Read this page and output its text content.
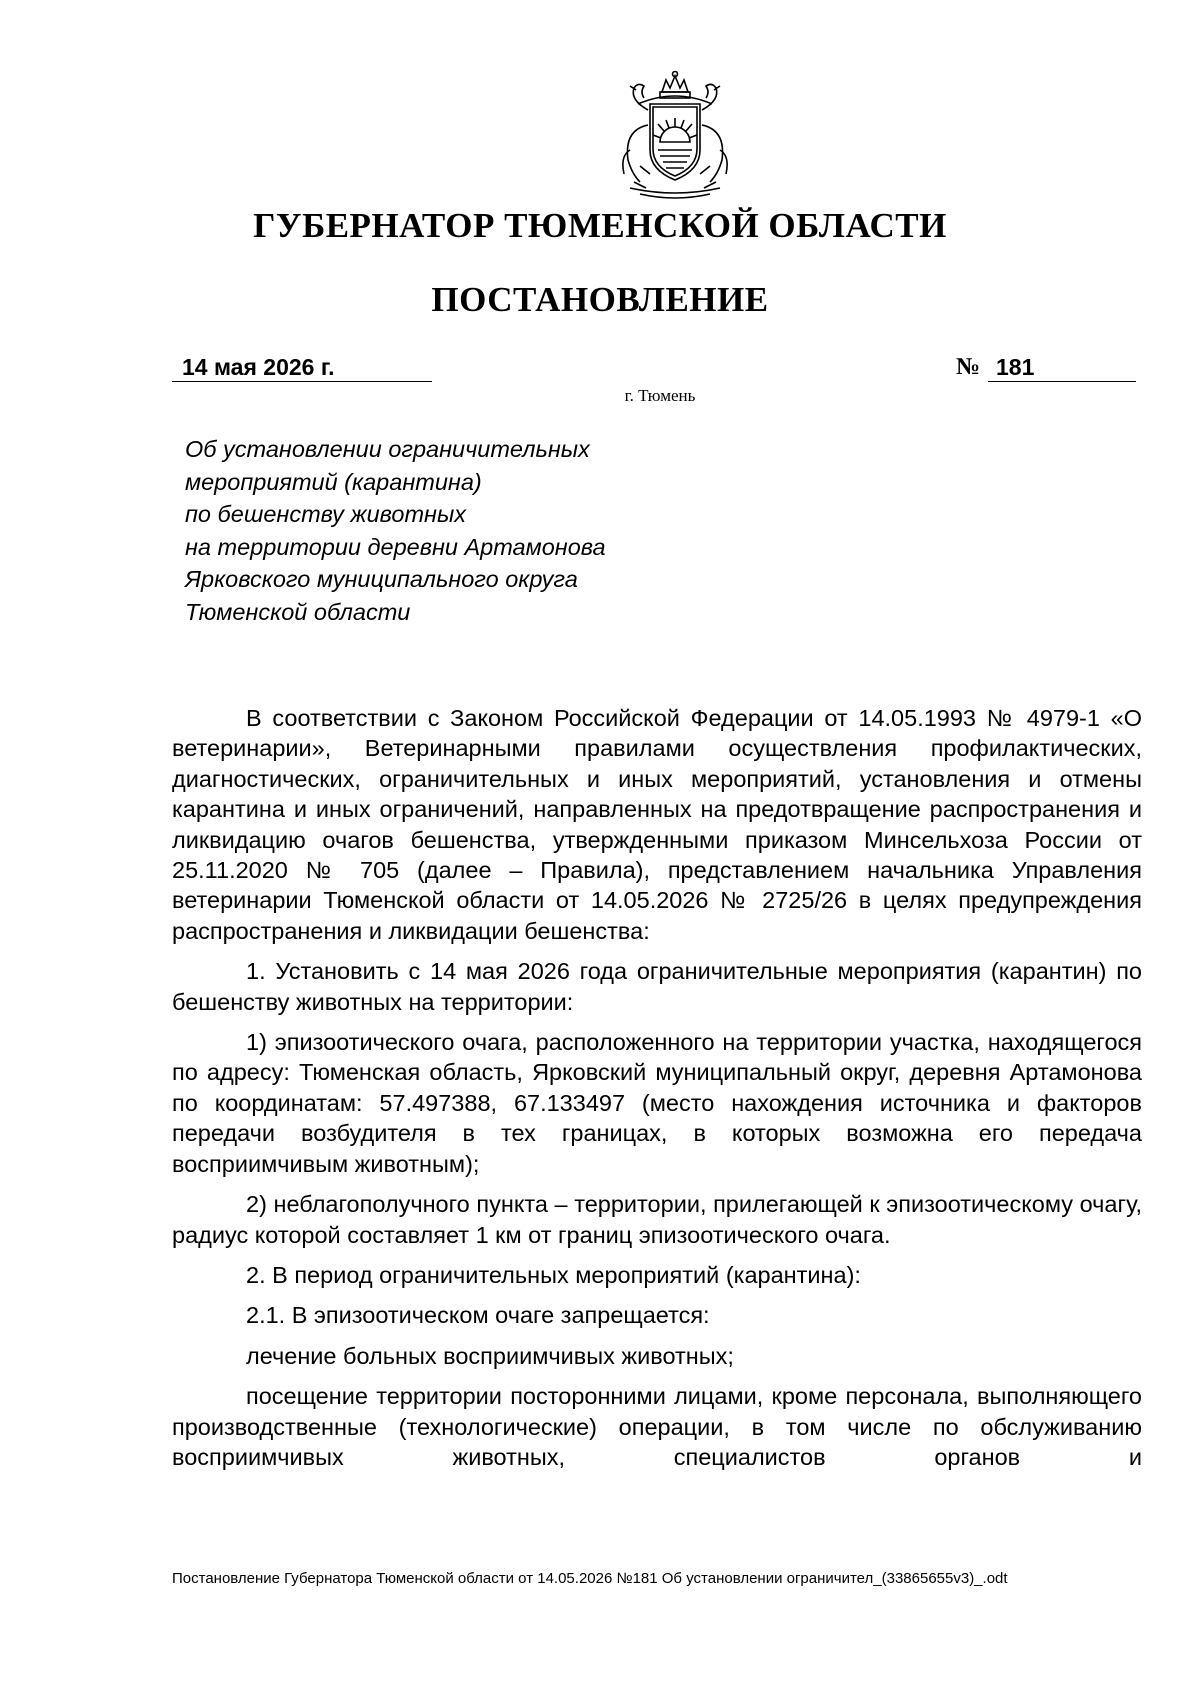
ГУБЕРНАТОР ТЮМЕНСКОЙ ОБЛАСТИ
ПОСТАНОВЛЕНИЕ
14 мая 2026 г.	№ 181
г. Тюмень
Об установлении ограничительных
мероприятий (карантина)
по бешенству животных
на территории деревни Артамонова
Ярковского муниципального округа
Тюменской области

В соответствии с Законом Российской Федерации от 14.05.1993 № 4979-1 «О ветеринарии», Ветеринарными правилами осуществления профилактических, диагностических, ограничительных и иных мероприятий, установления и отмены карантина и иных ограничений, направленных на предотвращение распространения и ликвидацию очагов бешенства, утвержденными приказом Минсельхоза России от 25.11.2020 № 705 (далее – Правила), представлением начальника Управления ветеринарии Тюменской области от 14.05.2026 № 2725/26 в целях предупреждения распространения и ликвидации бешенства:

1. Установить с 14 мая 2026 года ограничительные мероприятия (карантин) по бешенству животных на территории:

1) эпизоотического очага, расположенного на территории участка, находящегося по адресу: Тюменская область, Ярковский муниципальный округ, деревня Артамонова по координатам: 57.497388, 67.133497 (место нахождения источника и факторов передачи возбудителя в тех границах, в которых возможна его передача восприимчивым животным);

2) неблагополучного пункта – территории, прилегающей к эпизоотическому очагу, радиус которой составляет 1 км от границ эпизоотического очага.

2. В период ограничительных мероприятий (карантина):

2.1. В эпизоотическом очаге запрещается:

лечение больных восприимчивых животных;

посещение территории посторонними лицами, кроме персонала, выполняющего производственные (технологические) операции, в том числе по обслуживанию восприимчивых животных, специалистов органов и

Постановление Губернатора Тюменской области от 14.05.2026 №181 Об установлении ограничител_(33865655v3)_.odt
